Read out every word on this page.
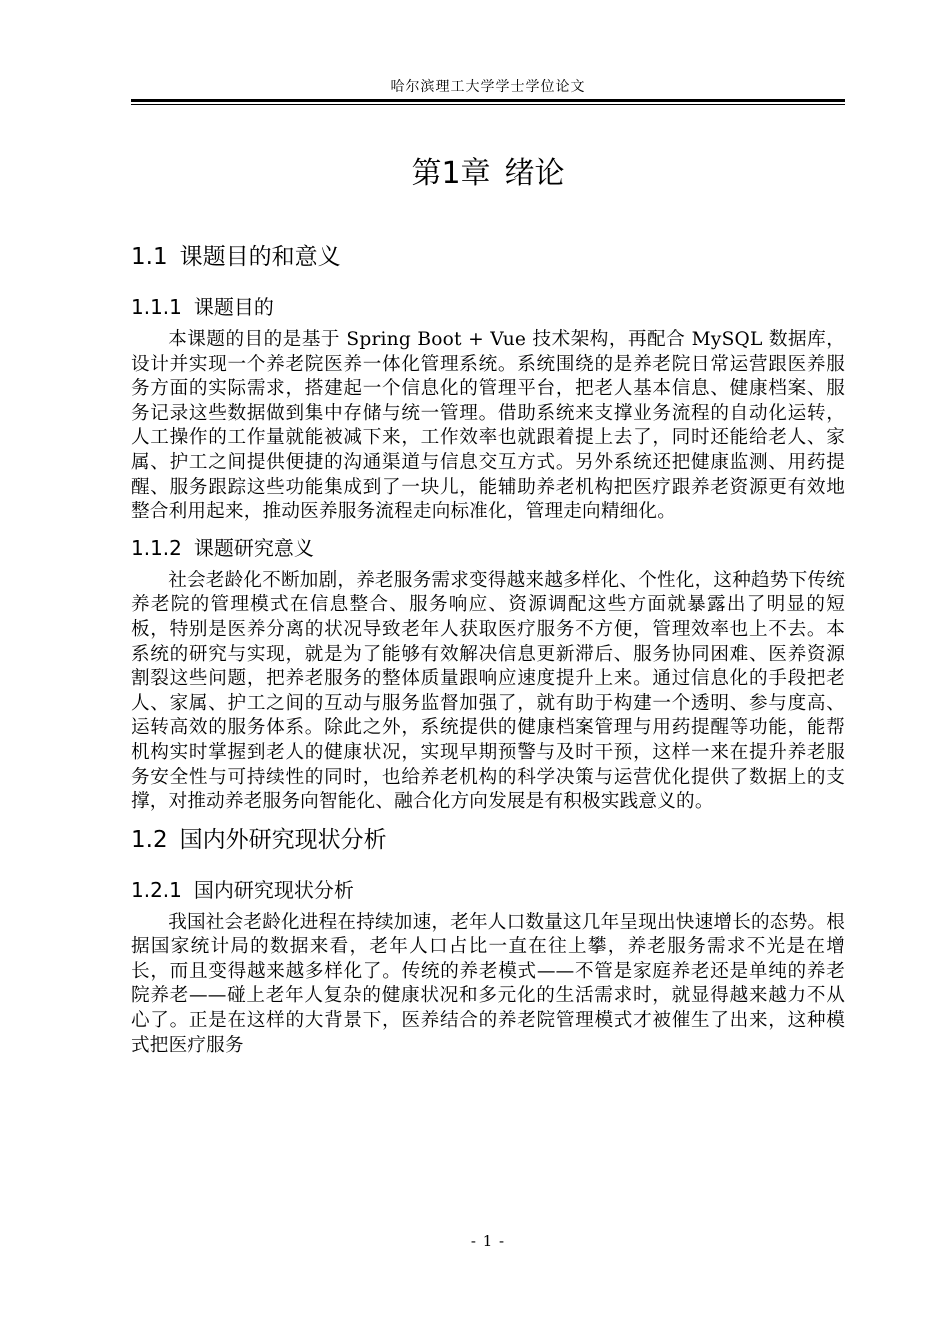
哈尔滨理工大学学士学位论文
第1章 绪论
1.1 课题目的和意义
1.1.1 课题目的

本课题的目的是基于 Spring Boot + Vue 技术架构，再配合 MySQL 数据库，设计并实现一个养老院医养一体化管理系统。系统围绕的是养老院日常运营跟医养服务方面的实际需求，搭建起一个信息化的管理平台，把老人基本信息、健康档案、服务记录这些数据做到集中存储与统一管理。借助系统来支撑业务流程的自动化运转，人工操作的工作量就能被减下来，工作效率也就跟着提上去了，同时还能给老人、家属、护工之间提供便捷的沟通渠道与信息交互方式。另外系统还把健康监测、用药提醒、服务跟踪这些功能集成到了一块儿，能辅助养老机构把医疗跟养老资源更有效地整合利用起来，推动医养服务流程走向标准化，管理走向精细化。

1.1.2 课题研究意义

社会老龄化不断加剧，养老服务需求变得越来越多样化、个性化，这种趋势下传统养老院的管理模式在信息整合、服务响应、资源调配这些方面就暴露出了明显的短板，特别是医养分离的状况导致老年人获取医疗服务不方便，管理效率也上不去。本系统的研究与实现，就是为了能够有效解决信息更新滞后、服务协同困难、医养资源割裂这些问题，把养老服务的整体质量跟响应速度提升上来。通过信息化的手段把老人、家属、护工之间的互动与服务监督加强了，就有助于构建一个透明、参与度高、运转高效的服务体系。除此之外，系统提供的健康档案管理与用药提醒等功能，能帮机构实时掌握到老人的健康状况，实现早期预警与及时干预，这样一来在提升养老服务安全性与可持续性的同时，也给养老机构的科学决策与运营优化提供了数据上的支撑，对推动养老服务向智能化、融合化方向发展是有积极实践意义的。

1.2 国内外研究现状分析
1.2.1 国内研究现状分析

我国社会老龄化进程在持续加速，老年人口数量这几年呈现出快速增长的态势。根据国家统计局的数据来看，老年人口占比一直在往上攀，养老服务需求不光是在增长，而且变得越来越多样化了。传统的养老模式——不管是家庭养老还是单纯的养老院养老——碰上老年人复杂的健康状况和多元化的生活需求时，就显得越来越力不从心了。正是在这样的大背景下，医养结合的养老院管理模式才被催生了出来，这种模式把医疗服务

- 1 -
